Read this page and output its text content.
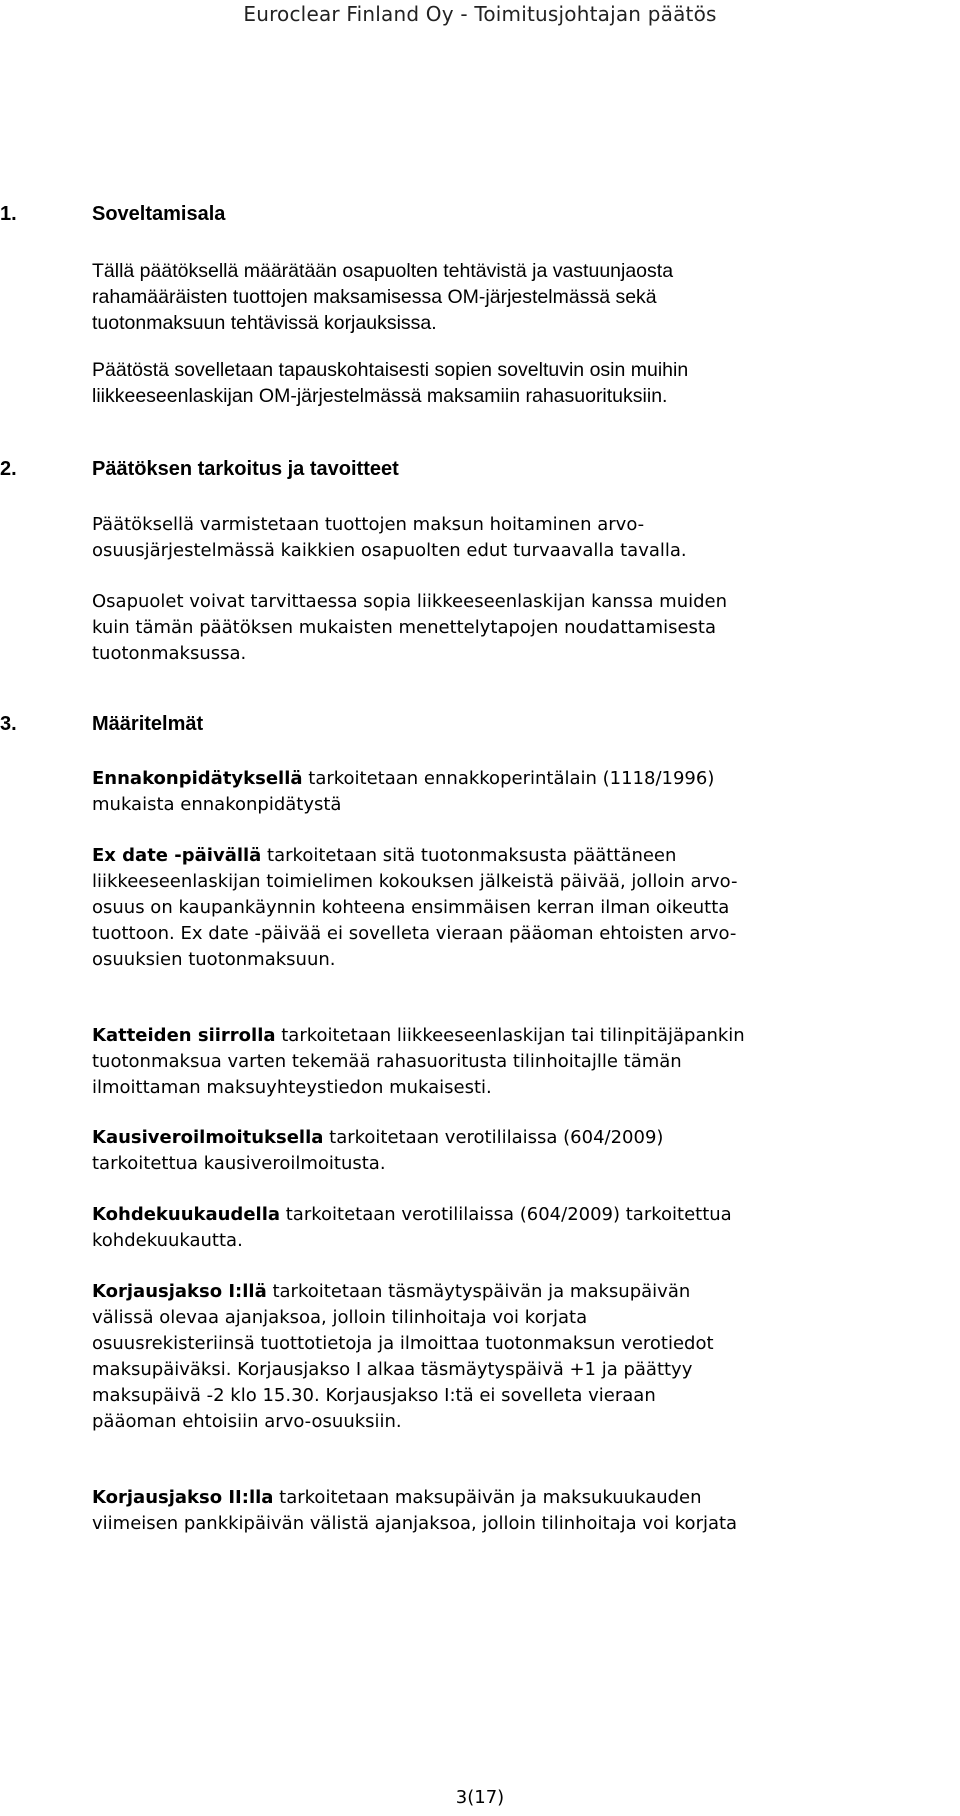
Euroclear Finland Oy - Toimitusjohtajan päätös
1.	Soveltamisala
Tällä päätöksellä määrätään osapuolten tehtävistä ja vastuunjaosta
rahamääräisten tuottojen maksamisessa OM-järjestelmässä sekä
tuotonmaksuun tehtävissä korjauksissa.
Päätöstä sovelletaan tapauskohtaisesti sopien soveltuvin osin muihin
liikkeeseenlaskijan OM-järjestelmässä maksamiin rahasuorituksiin.
2.	Päätöksen tarkoitus ja tavoitteet
Päätöksellä varmistetaan tuottojen maksun hoitaminen arvo-
osuusjärjestelmässä kaikkien osapuolten edut turvaavalla tavalla.
Osapuolet voivat tarvittaessa sopia liikkeeseenlaskijan kanssa muiden
kuin tämän päätöksen mukaisten menettelytapojen noudattamisesta
tuotonmaksussa.
3.	Määritelmät
Ennakonpidätyksellä tarkoitetaan ennakkoperintälain (1118/1996)
mukaista ennakonpidätystä
Ex date -päivällä tarkoitetaan sitä tuotonmaksusta päättäneen
liikkeeseenlaskijan toimielimen kokouksen jälkeistä päivää, jolloin arvo-
osuus on kaupankäynnin kohteena ensimmäisen kerran ilman oikeutta
tuottoon. Ex date -päivää ei sovelleta vieraan pääoman ehtoisten arvo-
osuuksien tuotonmaksuun.
Katteiden siirrolla tarkoitetaan liikkeeseenlaskijan tai tilinpitäjäpankin
tuotonmaksua varten tekemää rahasuoritusta tilinhoitajlle tämän
ilmoittaman maksuyhteystiedon mukaisesti.
Kausiveroilmoituksella tarkoitetaan verotililaissa (604/2009)
tarkoitettua kausiveroilmoitusta.
Kohdekuukaudella tarkoitetaan verotililaissa (604/2009) tarkoitettua
kohdekuukautta.
Korjausjakso I:llä tarkoitetaan täsmäytyspäivän ja maksupäivän
välissä olevaa ajanjaksoa, jolloin tilinhoitaja voi korjata
osuusrekisteriinsä tuottotietoja ja ilmoittaa tuotonmaksun verotiedot
maksupäiväksi. Korjausjakso I alkaa täsmäytyspäivä +1 ja päättyy
maksupäivä -2 klo 15.30. Korjausjakso I:tä ei sovelleta vieraan
pääoman ehtoisiin arvo-osuuksiin.
Korjausjakso II:lla tarkoitetaan maksupäivän ja maksukuukauden
viimeisen pankkipäivän välistä ajanjaksoa, jolloin tilinhoitaja voi korjata
3(17)
